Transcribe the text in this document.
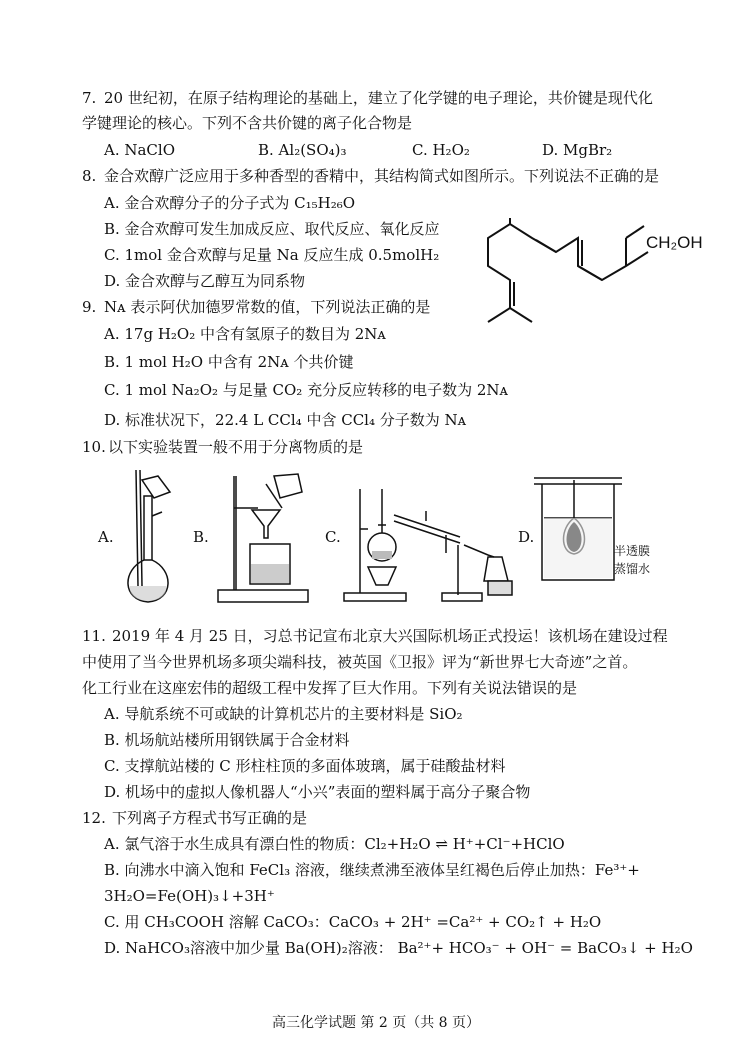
7. 20 世纪初，在原子结构理论的基础上，建立了化学键的电子理论，共价键是现代化
学键理论的核心。下列不含共价键的离子化合物是
A. NaClO	B. Al₂(SO₄)₃	C. H₂O₂	D. MgBr₂
8. 金合欢醇广泛应用于多种香型的香精中，其结构简式如图所示。下列说法不正确的是
A. 金合欢醇分子的分子式为 C₁₅H₂₆O
B. 金合欢醇可发生加成反应、取代反应、氧化反应
C. 1mol 金合欢醇与足量 Na 反应生成 0.5molH₂
D. 金合欢醇与乙醇互为同系物
CH₂OH
9. Nᴀ 表示阿伏加德罗常数的值，下列说法正确的是
A. 17g H₂O₂ 中含有氢原子的数目为 2Nᴀ
B. 1 mol H₂O 中含有 2Nᴀ 个共价键
C. 1 mol Na₂O₂ 与足量 CO₂ 充分反应转移的电子数为 2Nᴀ
D. 标准状况下，22.4 L CCl₄ 中含 CCl₄ 分子数为 Nᴀ
10. 以下实验装置一般不用于分离物质的是
A.	B.	C.	D.
半透膜
蒸馏水
11. 2019 年 4 月 25 日，习总书记宣布北京大兴国际机场正式投运！该机场在建设过程
中使用了当今世界机场多项尖端科技，被英国《卫报》评为“新世界七大奇迹”之首。
化工行业在这座宏伟的超级工程中发挥了巨大作用。下列有关说法错误的是
A. 导航系统不可或缺的计算机芯片的主要材料是 SiO₂
B. 机场航站楼所用钢铁属于合金材料
C. 支撑航站楼的 C 形柱柱顶的多面体玻璃，属于硅酸盐材料
D. 机场中的虚拟人像机器人“小兴”表面的塑料属于高分子聚合物
12. 下列离子方程式书写正确的是
A. 氯气溶于水生成具有漂白性的物质：Cl₂+H₂O ⇌ H⁺+Cl⁻+HClO
B. 向沸水中滴入饱和 FeCl₃ 溶液，继续煮沸至液体呈红褐色后停止加热：Fe³⁺+
3H₂O=Fe(OH)₃↓+3H⁺
C. 用 CH₃COOH 溶解 CaCO₃：CaCO₃ + 2H⁺ =Ca²⁺ + CO₂↑ + H₂O
D. NaHCO₃溶液中加少量 Ba(OH)₂溶液： Ba²⁺+ HCO₃⁻ + OH⁻ = BaCO₃↓ + H₂O
高三化学试题 第 2 页（共 8 页）
